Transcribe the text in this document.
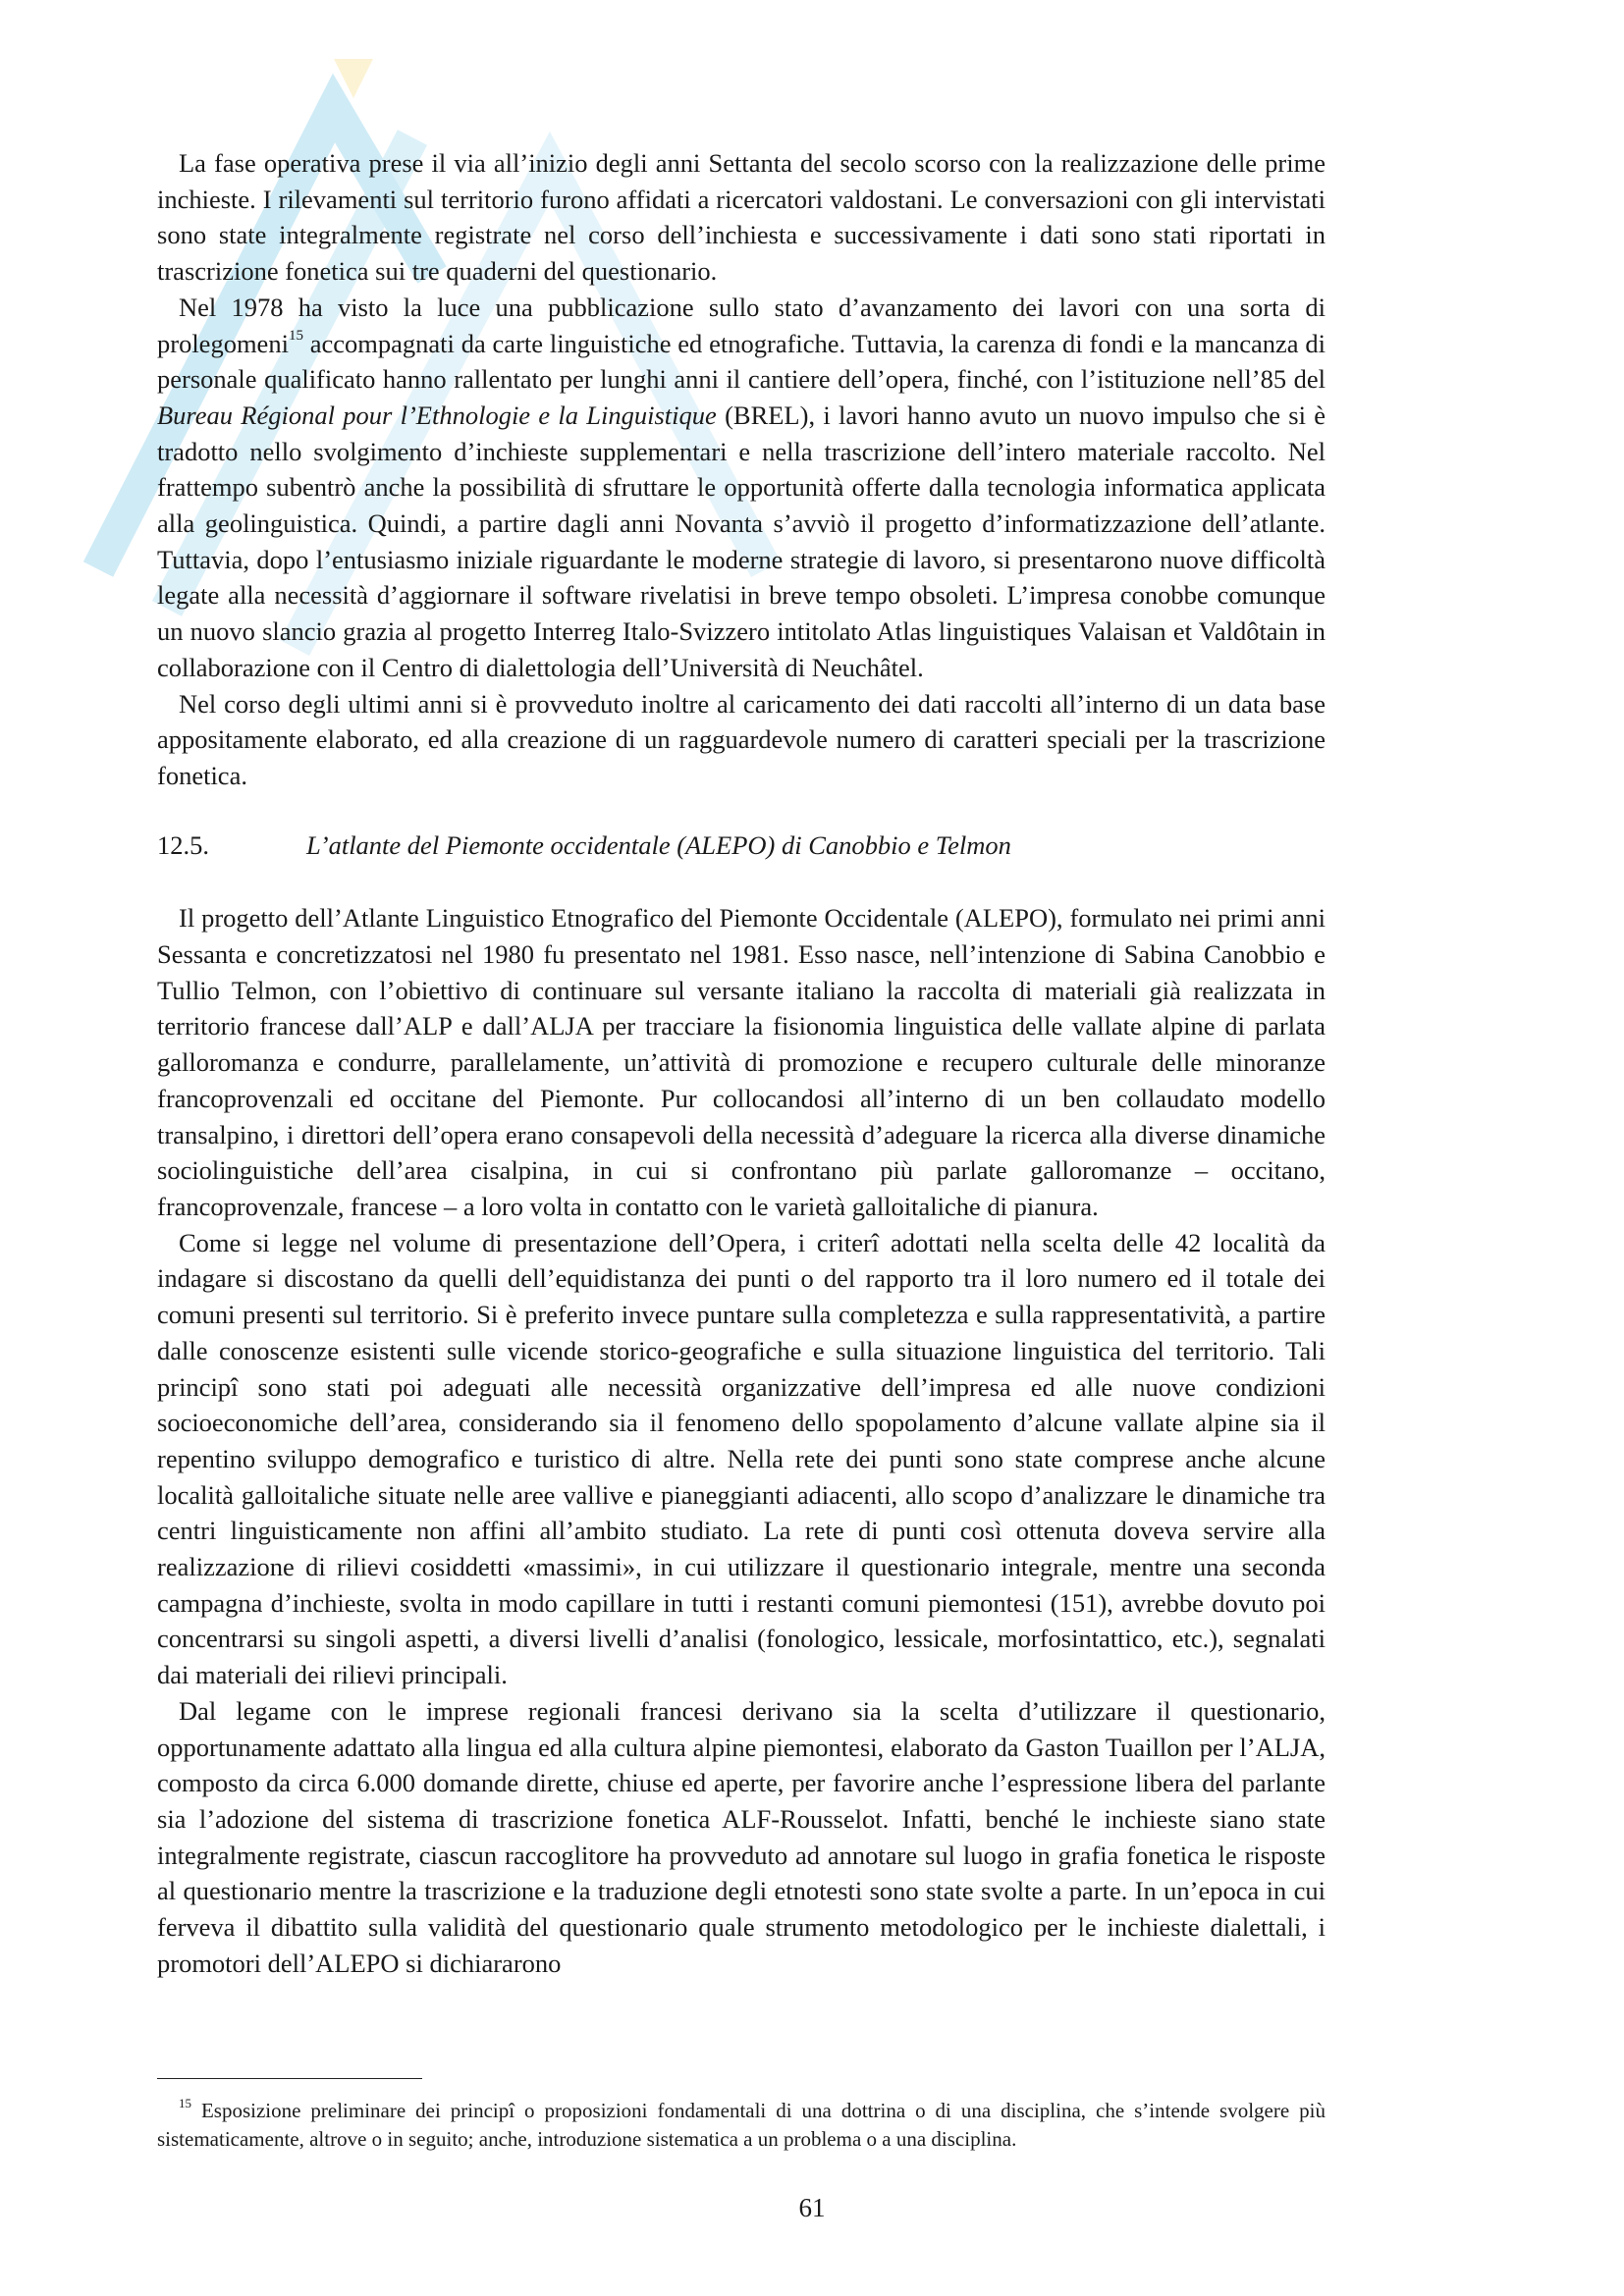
La fase operativa prese il via all’inizio degli anni Settanta del secolo scorso con la realizzazione delle prime inchieste. I rilevamenti sul territorio furono affidati a ricercatori valdostani. Le conversazioni con gli intervistati sono state integralmente registrate nel corso dell’inchiesta e successivamente i dati sono stati riportati in trascrizione fonetica sui tre quaderni del questionario.

Nel 1978 ha visto la luce una pubblicazione sullo stato d’avanzamento dei lavori con una sorta di prolegomeni$^{15}$ accompagnati da carte linguistiche ed etnografiche. Tuttavia, la carenza di fondi e la mancanza di personale qualificato hanno rallentato per lunghi anni il cantiere dell’opera, finché, con l’istituzione nell’85 del Bureau Régional pour l’Ethnologie e la Linguistique (BREL), i lavori hanno avuto un nuovo impulso che si è tradotto nello svolgimento d’inchieste supplementari e nella trascrizione dell’intero materiale raccolto. Nel frattempo subentrò anche la possibilità di sfruttare le opportunità offerte dalla tecnologia informatica applicata alla geolinguistica. Quindi, a partire dagli anni Novanta s’avviò il progetto d’informatizzazione dell’atlante. Tuttavia, dopo l’entusiasmo iniziale riguardante le moderne strategie di lavoro, si presentarono nuove difficoltà legate alla necessità d’aggiornare il software rivelatisi in breve tempo obsoleti. L’impresa conobbe comunque un nuovo slancio grazia al progetto Interreg Italo-Svizzero intitolato Atlas linguistiques Valaisan et Valdôtain in collaborazione con il Centro di dialettologia dell’Università di Neuchâtel.

Nel corso degli ultimi anni si è provveduto inoltre al caricamento dei dati raccolti all’interno di un data base appositamente elaborato, ed alla creazione di un ragguardevole numero di caratteri speciali per la trascrizione fonetica.

12.5.	L’atlante del Piemonte occidentale (ALEPO) di Canobbio e Telmon

Il progetto dell’Atlante Linguistico Etnografico del Piemonte Occidentale (ALEPO), formulato nei primi anni Sessanta e concretizzatosi nel 1980 fu presentato nel 1981. Esso nasce, nell’intenzione di Sabina Canobbio e Tullio Telmon, con l’obiettivo di continuare sul versante italiano la raccolta di materiali già realizzata in territorio francese dall’ALP e dall’ALJA per tracciare la fisionomia linguistica delle vallate alpine di parlata galloromanza e condurre, parallelamente, un’attività di promozione e recupero culturale delle minoranze francoprovenzali ed occitane del Piemonte. Pur collocandosi all’interno di un ben collaudato modello transalpino, i direttori dell’opera erano consapevoli della necessità d’adeguare la ricerca alla diverse dinamiche sociolinguistiche dell’area cisalpina, in cui si confrontano più parlate galloromanze – occitano, francoprovenzale, francese – a loro volta in contatto con le varietà galloitaliche di pianura.

Come si legge nel volume di presentazione dell’Opera, i criterî adottati nella scelta delle 42 località da indagare si discostano da quelli dell’equidistanza dei punti o del rapporto tra il loro numero ed il totale dei comuni presenti sul territorio. Si è preferito invece puntare sulla completezza e sulla rappresentatività, a partire dalle conoscenze esistenti sulle vicende storico-geografiche e sulla situazione linguistica del territorio. Tali principî sono stati poi adeguati alle necessità organizzative dell’impresa ed alle nuove condizioni socioeconomiche dell’area, considerando sia il fenomeno dello spopolamento d’alcune vallate alpine sia il repentino sviluppo demografico e turistico di altre. Nella rete dei punti sono state comprese anche alcune località galloitaliche situate nelle aree vallive e pianeggianti adiacenti, allo scopo d’analizzare le dinamiche tra centri linguisticamente non affini all’ambito studiato. La rete di punti così ottenuta doveva servire alla realizzazione di rilievi cosiddetti «massimi», in cui utilizzare il questionario integrale, mentre una seconda campagna d’inchieste, svolta in modo capillare in tutti i restanti comuni piemontesi (151), avrebbe dovuto poi concentrarsi su singoli aspetti, a diversi livelli d’analisi (fonologico, lessicale, morfosintattico, etc.), segnalati dai materiali dei rilievi principali.

Dal legame con le imprese regionali francesi derivano sia la scelta d’utilizzare il questionario, opportunamente adattato alla lingua ed alla cultura alpine piemontesi, elaborato da Gaston Tuaillon per l’ALJA, composto da circa 6.000 domande dirette, chiuse ed aperte, per favorire anche l’espressione libera del parlante sia l’adozione del sistema di trascrizione fonetica ALF-Rousselot. Infatti, benché le inchieste siano state integralmente registrate, ciascun raccoglitore ha provveduto ad annotare sul luogo in grafia fonetica le risposte al questionario mentre la trascrizione e la traduzione degli etnotesti sono state svolte a parte. In un’epoca in cui ferveva il dibattito sulla validità del questionario quale strumento metodologico per le inchieste dialettali, i promotori dell’ALEPO si dichiararono

$^{15}$ Esposizione preliminare dei principî o proposizioni fondamentali di una dottrina o di una disciplina, che s’intende svolgere più sistematicamente, altrove o in seguito; anche, introduzione sistematica a un problema o a una disciplina.
61
